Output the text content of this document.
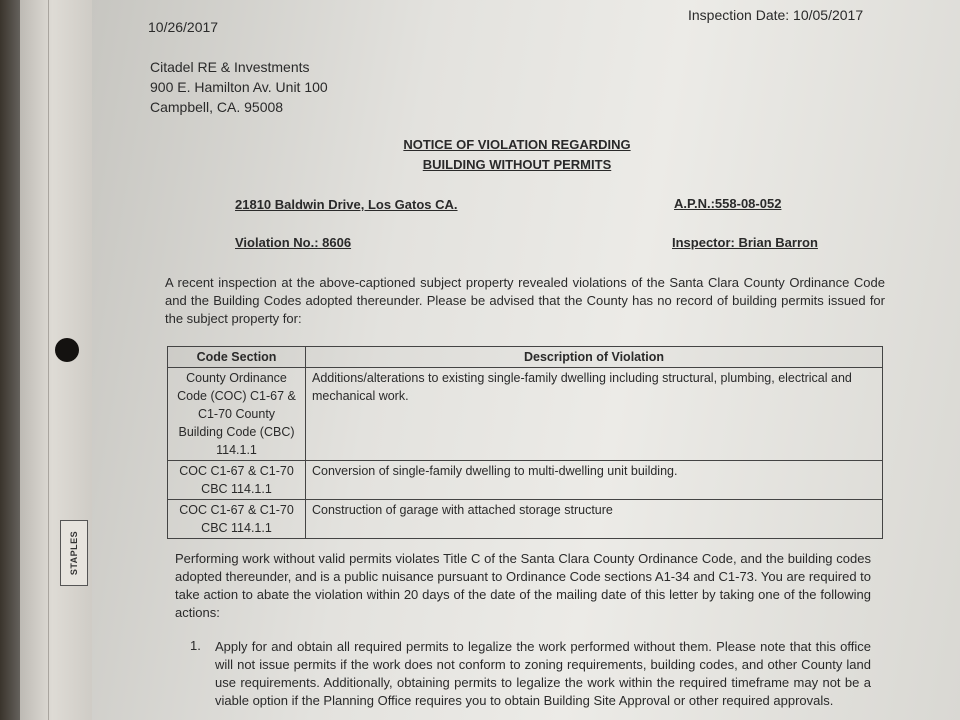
STAPLES
10/26/2017
Inspection Date: 10/05/2017
Citadel RE & Investments
900 E. Hamilton Av. Unit 100
Campbell, CA. 95008
NOTICE OF VIOLATION REGARDING
BUILDING WITHOUT PERMITS
21810 Baldwin Drive, Los Gatos CA.	A.P.N.:558-08-052
Violation No.: 8606	Inspector: Brian Barron
A recent inspection at the above-captioned subject property revealed violations of the Santa Clara County Ordinance Code and the Building Codes adopted thereunder. Please be advised that the County has no record of building permits issued for the subject property for:
Code Section	Description of Violation
County Ordinance Code (COC) C1-67 & C1-70 County Building Code (CBC) 114.1.1	Additions/alterations to existing single-family dwelling including structural, plumbing, electrical and mechanical work.
COC C1-67 & C1-70 CBC 114.1.1	Conversion of single-family dwelling to multi-dwelling unit building.
COC C1-67 & C1-70 CBC 114.1.1	Construction of garage with attached storage structure
Performing work without valid permits violates Title C of the Santa Clara County Ordinance Code, and the building codes adopted thereunder, and is a public nuisance pursuant to Ordinance Code sections A1-34 and C1-73. You are required to take action to abate the violation within 20 days of the date of the mailing date of this letter by taking one of the following actions:
1. Apply for and obtain all required permits to legalize the work performed without them. Please note that this office will not issue permits if the work does not conform to zoning requirements, building codes, and other County land use requirements. Additionally, obtaining permits to legalize the work within the required timeframe may not be a viable option if the Planning Office requires you to obtain Building Site Approval or other required approvals.
